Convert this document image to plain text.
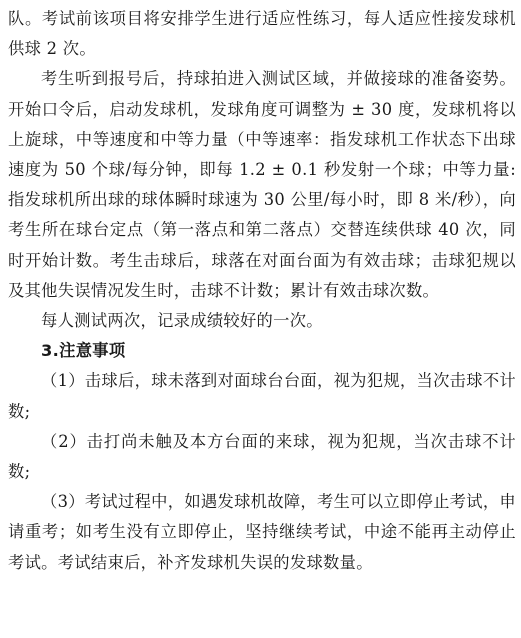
队。考试前该项目将安排学生进行适应性练习，每人适应性接发球机供球 2 次。

考生听到报号后，持球拍进入测试区域，并做接球的准备姿势。开始口令后，启动发球机，发球角度可调整为 ± 30 度，发球机将以上旋球，中等速度和中等力量（中等速率：指发球机工作状态下出球速度为 50 个球/每分钟，即每 1.2 ± 0.1 秒发射一个球；中等力量:指发球机所出球的球体瞬时球速为 30 公里/每小时，即 8 米/秒），向考生所在球台定点（第一落点和第二落点）交替连续供球 40 次，同时开始计数。考生击球后，球落在对面台面为有效击球；击球犯规以及其他失误情况发生时，击球不计数；累计有效击球次数。

每人测试两次，记录成绩较好的一次。

3.注意事项

（1）击球后，球未落到对面球台台面，视为犯规，当次击球不计数;

（2）击打尚未触及本方台面的来球，视为犯规，当次击球不计数;

（3）考试过程中，如遇发球机故障，考生可以立即停止考试，申请重考；如考生没有立即停止，坚持继续考试，中途不能再主动停止考试。考试结束后，补齐发球机失误的发球数量。
